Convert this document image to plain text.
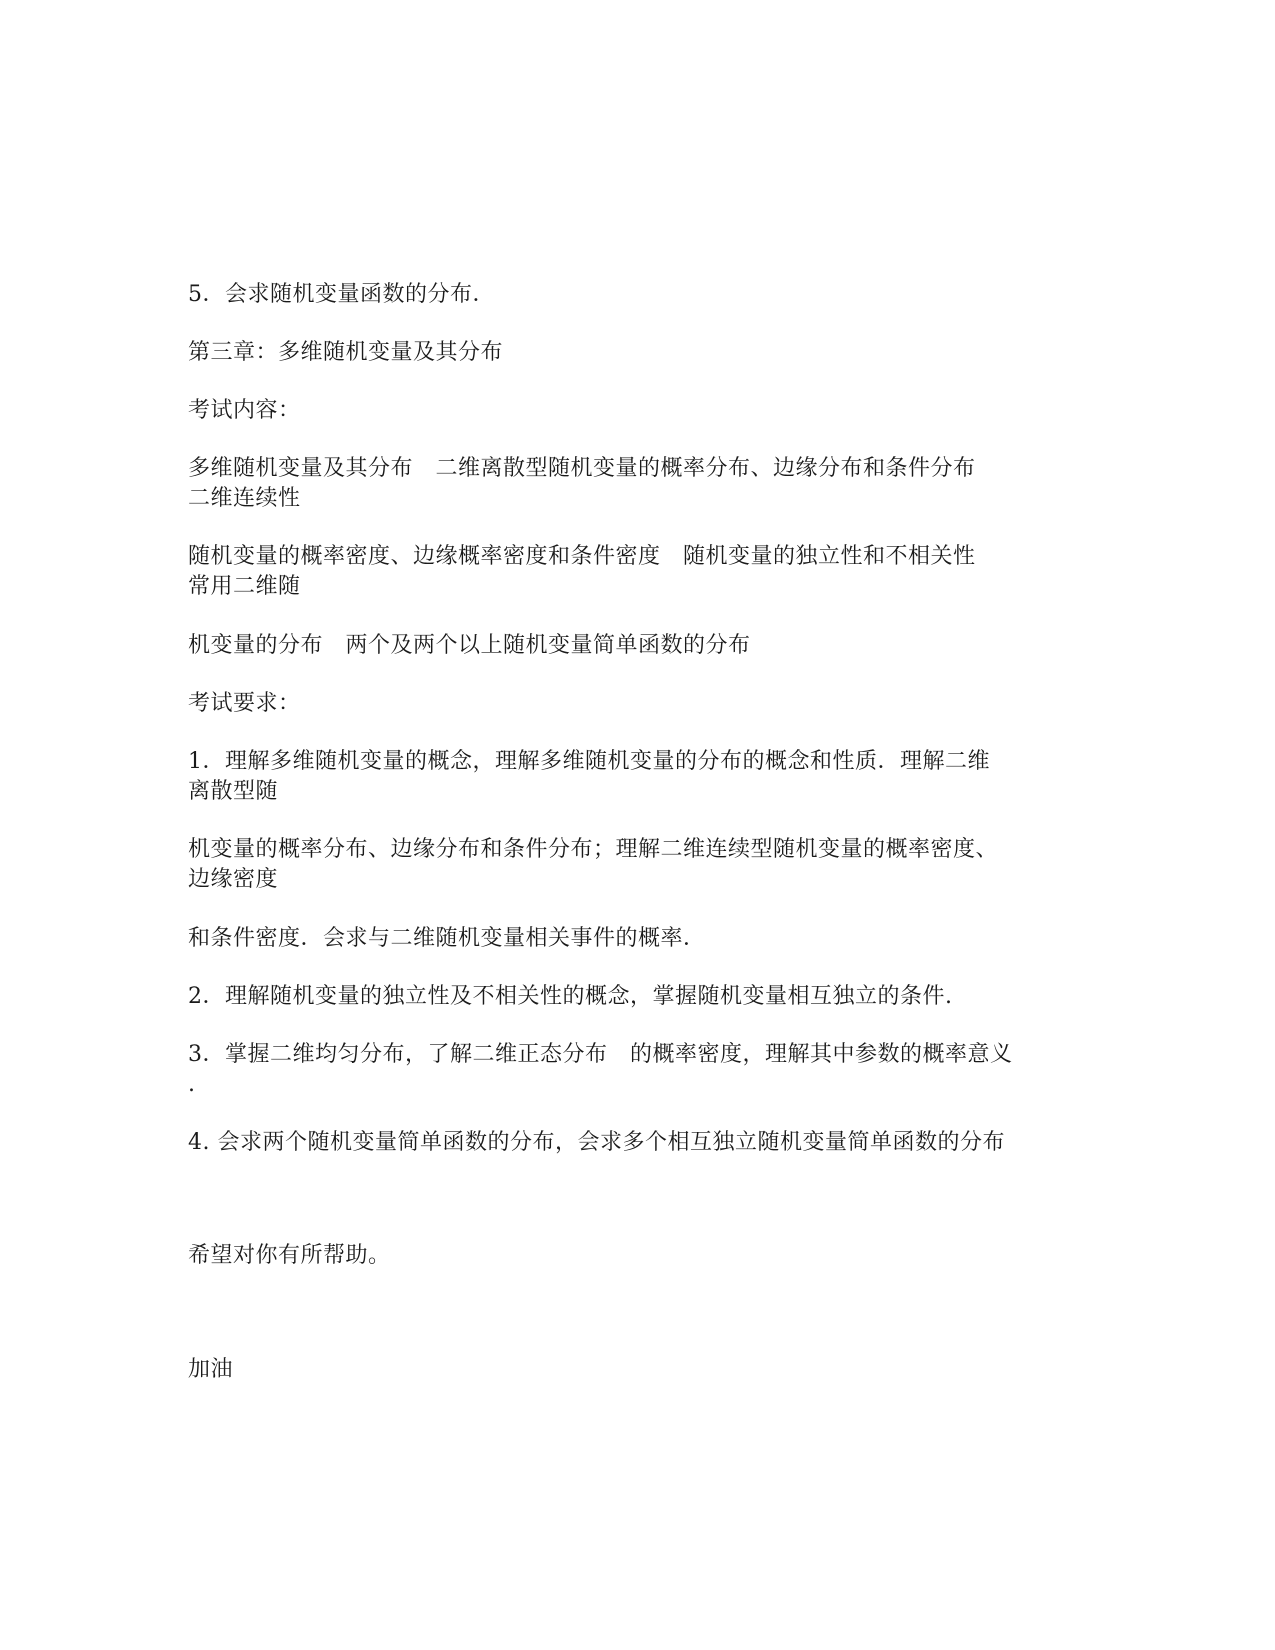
5．会求随机变量函数的分布．
第三章：多维随机变量及其分布
考试内容：
多维随机变量及其分布　二维离散型随机变量的概率分布、边缘分布和条件分布
二维连续性
随机变量的概率密度、边缘概率密度和条件密度　随机变量的独立性和不相关性
常用二维随
机变量的分布　两个及两个以上随机变量简单函数的分布
考试要求：
1．理解多维随机变量的概念，理解多维随机变量的分布的概念和性质．理解二维
离散型随
机变量的概率分布、边缘分布和条件分布；理解二维连续型随机变量的概率密度、
边缘密度
和条件密度．会求与二维随机变量相关事件的概率．
2．理解随机变量的独立性及不相关性的概念，掌握随机变量相互独立的条件.
3．掌握二维均匀分布，了解二维正态分布　的概率密度，理解其中参数的概率意义
.
4. 会求两个随机变量简单函数的分布，会求多个相互独立随机变量简单函数的分布
希望对你有所帮助。
加油
